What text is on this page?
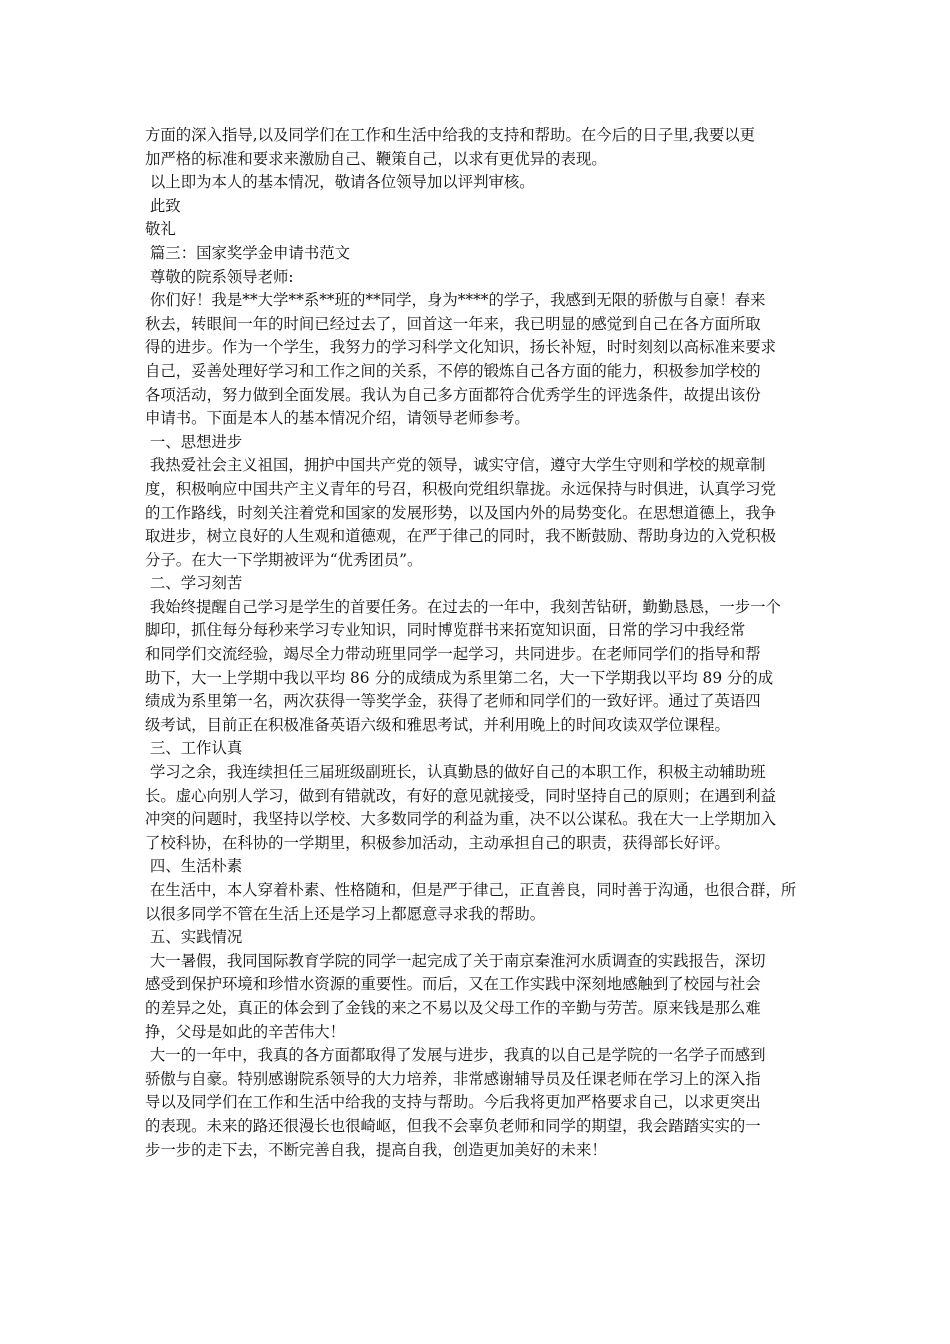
方面的深入指导,以及同学们在工作和生活中给我的支持和帮助。在今后的日子里,我要以更
加严格的标准和要求来激励自己、鞭策自己，以求有更优异的表现。
以上即为本人的基本情况，敬请各位领导加以评判审核。
此致
敬礼
篇三：国家奖学金申请书范文
尊敬的院系领导老师:
你们好！我是**大学**系**班的**同学，身为****的学子，我感到无限的骄傲与自豪！春来
秋去，转眼间一年的时间已经过去了，回首这一年来，我已明显的感觉到自己在各方面所取
得的进步。作为一个学生，我努力的学习科学文化知识，扬长补短，时时刻刻以高标准来要求
自己，妥善处理好学习和工作之间的关系，不停的锻炼自己各方面的能力，积极参加学校的
各项活动，努力做到全面发展。我认为自己多方面都符合优秀学生的评选条件，故提出该份
申请书。下面是本人的基本情况介绍，请领导老师参考。
一、思想进步
我热爱社会主义祖国，拥护中国共产党的领导，诚实守信，遵守大学生守则和学校的规章制
度，积极响应中国共产主义青年的号召，积极向党组织靠拢。永远保持与时俱进，认真学习党
的工作路线，时刻关注着党和国家的发展形势，以及国内外的局势变化。在思想道德上，我争
取进步，树立良好的人生观和道德观，在严于律己的同时，我不断鼓励、帮助身边的入党积极
分子。在大一下学期被评为“优秀团员”。
二、学习刻苦
我始终提醒自己学习是学生的首要任务。在过去的一年中，我刻苦钻研，勤勤恳恳，一步一个
脚印，抓住每分每秒来学习专业知识，同时博览群书来拓宽知识面，日常的学习中我经常
和同学们交流经验，竭尽全力带动班里同学一起学习，共同进步。在老师同学们的指导和帮
助下，大一上学期中我以平均 86 分的成绩成为系里第二名，大一下学期我以平均 89 分的成
绩成为系里第一名，两次获得一等奖学金，获得了老师和同学们的一致好评。通过了英语四
级考试，目前正在积极准备英语六级和雅思考试，并利用晚上的时间攻读双学位课程。
三、工作认真
学习之余，我连续担任三届班级副班长，认真勤恳的做好自己的本职工作，积极主动辅助班
长。虚心向别人学习，做到有错就改，有好的意见就接受，同时坚持自己的原则；在遇到利益
冲突的问题时，我坚持以学校、大多数同学的利益为重，决不以公谋私。我在大一上学期加入
了校科协，在科协的一学期里，积极参加活动，主动承担自己的职责，获得部长好评。
四、生活朴素
在生活中，本人穿着朴素、性格随和，但是严于律己，正直善良，同时善于沟通，也很合群，所
以很多同学不管在生活上还是学习上都愿意寻求我的帮助。
五、实践情况
大一暑假，我同国际教育学院的同学一起完成了关于南京秦淮河水质调查的实践报告，深切
感受到保护环境和珍惜水资源的重要性。而后，又在工作实践中深刻地感触到了校园与社会
的差异之处，真正的体会到了金钱的来之不易以及父母工作的辛勤与劳苦。原来钱是那么难
挣，父母是如此的辛苦伟大！
大一的一年中，我真的各方面都取得了发展与进步，我真的以自己是学院的一名学子而感到
骄傲与自豪。特别感谢院系领导的大力培养，非常感谢辅导员及任课老师在学习上的深入指
导以及同学们在工作和生活中给我的支持与帮助。今后我将更加严格要求自己，以求更突出
的表现。未来的路还很漫长也很崎岖，但我不会辜负老师和同学的期望，我会踏踏实实的一
步一步的走下去，不断完善自我，提高自我，创造更加美好的未来！
